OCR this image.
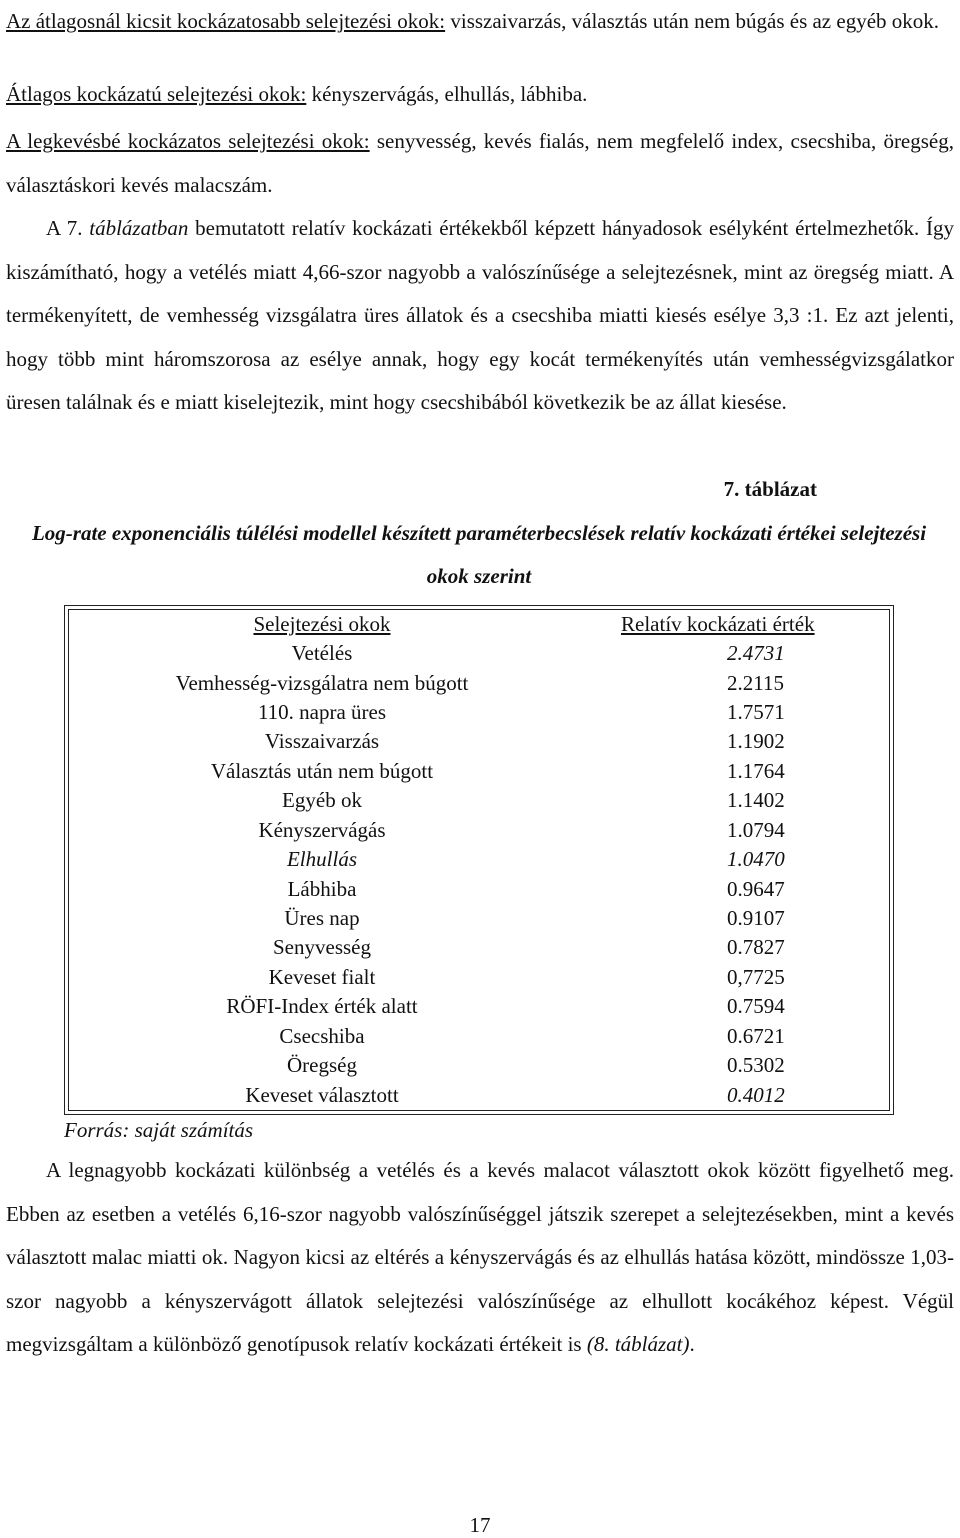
Az átlagosnál kicsit kockázatosabb selejtezési okok: visszaivarzás, választás után nem búgás és az egyéb okok.

Átlagos kockázatú selejtezési okok: kényszervágás, elhullás, lábhiba.

A legkevésbé kockázatos selejtezési okok: senyvesség, kevés fialás, nem megfelelő index, csecshiba, öregség, választáskori kevés malacszám.

A 7. táblázatban bemutatott relatív kockázati értékekből képzett hányadosok esélyként értelmezhetők. Így kiszámítható, hogy a vetélés miatt 4,66-szor nagyobb a valószínűsége a selejtezésnek, mint az öregség miatt. A termékenyített, de vemhesség vizsgálatra üres állatok és a csecshiba miatti kiesés esélye 3,3 :1. Ez azt jelenti, hogy több mint háromszorosa az esélye annak, hogy egy kocát termékenyítés után vemhességvizsgálatkor üresen találnak és e miatt kiselejtezik, mint hogy csecshibából következik be az állat kiesése.

7. táblázat

Log-rate exponenciális túlélési modellel készített paraméterbecslések relatív kockázati értékei selejtezési okok szerint

Selejtezési okok	Relatív kockázati érték
Vetélés	2.4731
Vemhesség-vizsgálatra nem búgott	2.2115
110. napra üres	1.7571
Visszaivarzás	1.1902
Választás után nem búgott	1.1764
Egyéb ok	1.1402
Kényszervágás	1.0794
Elhullás	1.0470
Lábhiba	0.9647
Üres nap	0.9107
Senyvesség	0.7827
Keveset fialt	0,7725
RÖFI-Index érték alatt	0.7594
Csecshiba	0.6721
Öregség	0.5302
Keveset választott	0.4012

Forrás: saját számítás

A legnagyobb kockázati különbség a vetélés és a kevés malacot választott okok között figyelhető meg. Ebben az esetben a vetélés 6,16-szor nagyobb valószínűséggel játszik szerepet a selejtezésekben, mint a kevés választott malac miatti ok. Nagyon kicsi az eltérés a kényszervágás és az elhullás hatása között, mindössze 1,03-szor nagyobb a kényszervágott állatok selejtezési valószínűsége az elhullott kocákéhoz képest. Végül megvizsgáltam a különböző genotípusok relatív kockázati értékeit is (8. táblázat).

17
